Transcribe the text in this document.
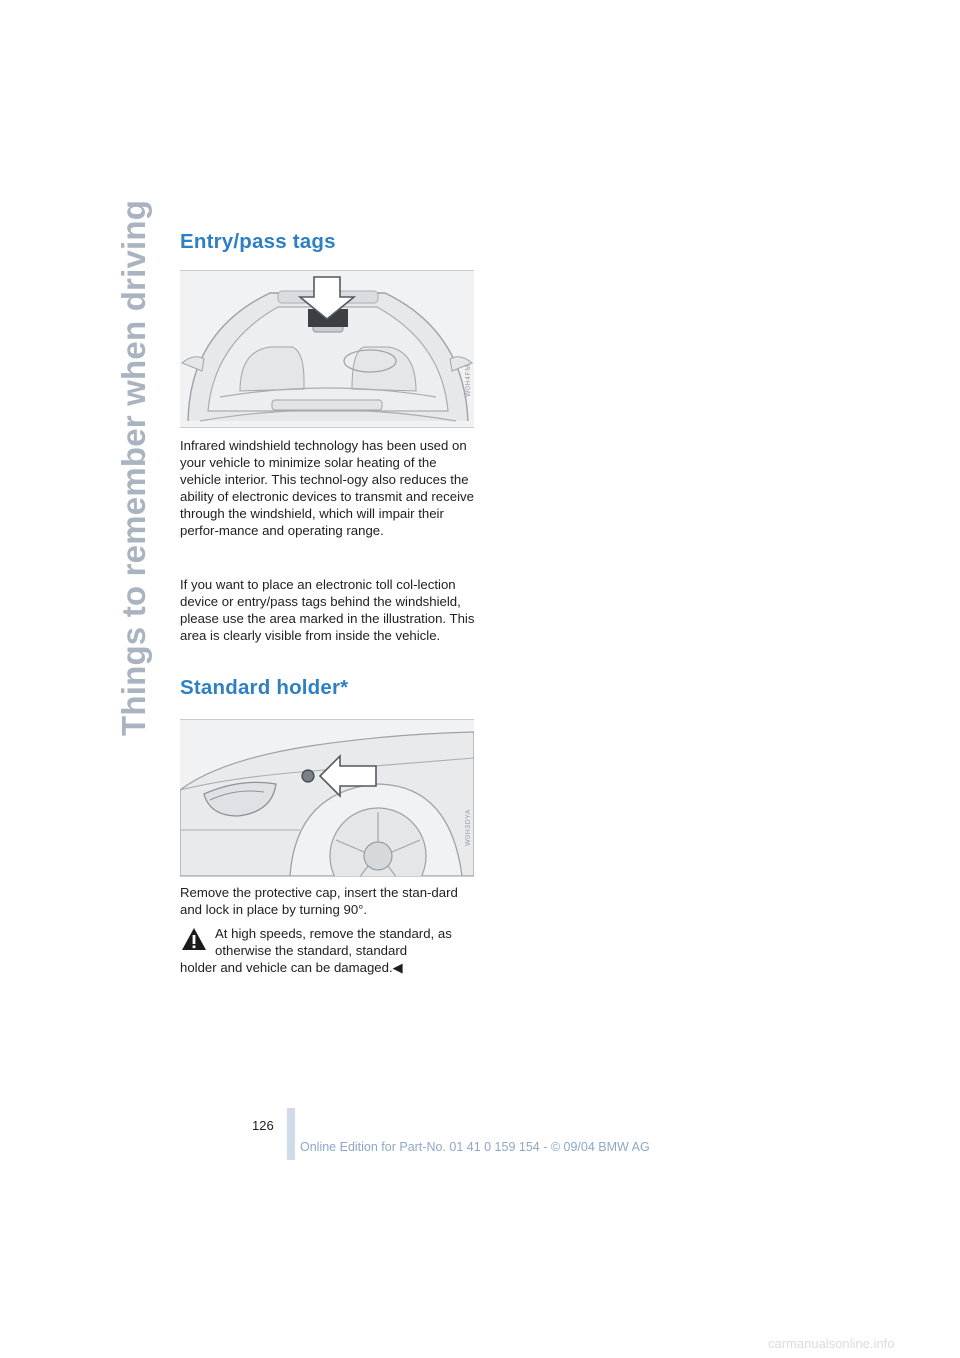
Things to remember when driving Entry/pass tags
W0H4FM.

Infrared windshield technology has been used on your vehicle to minimize solar heating of the vehicle interior. This technol-ogy also reduces the ability of electronic devices to transmit and receive through the windshield, which will impair their perfor-mance and operating range.

If you want to place an electronic toll col-lection device or entry/pass tags behind the windshield, please use the area marked in the illustration. This area is clearly visible from inside the vehicle.

Standard holder*
W0H3DYA

Remove the protective cap, insert the stan-dard and lock in place by turning 90°.

At high speeds, remove the standard, as otherwise the standard, standard

holder and vehicle can be damaged.◀

126
Online Edition for Part-No. 01 41 0 159 154 - © 09/04 BMW AG
carmanualsonline.info
